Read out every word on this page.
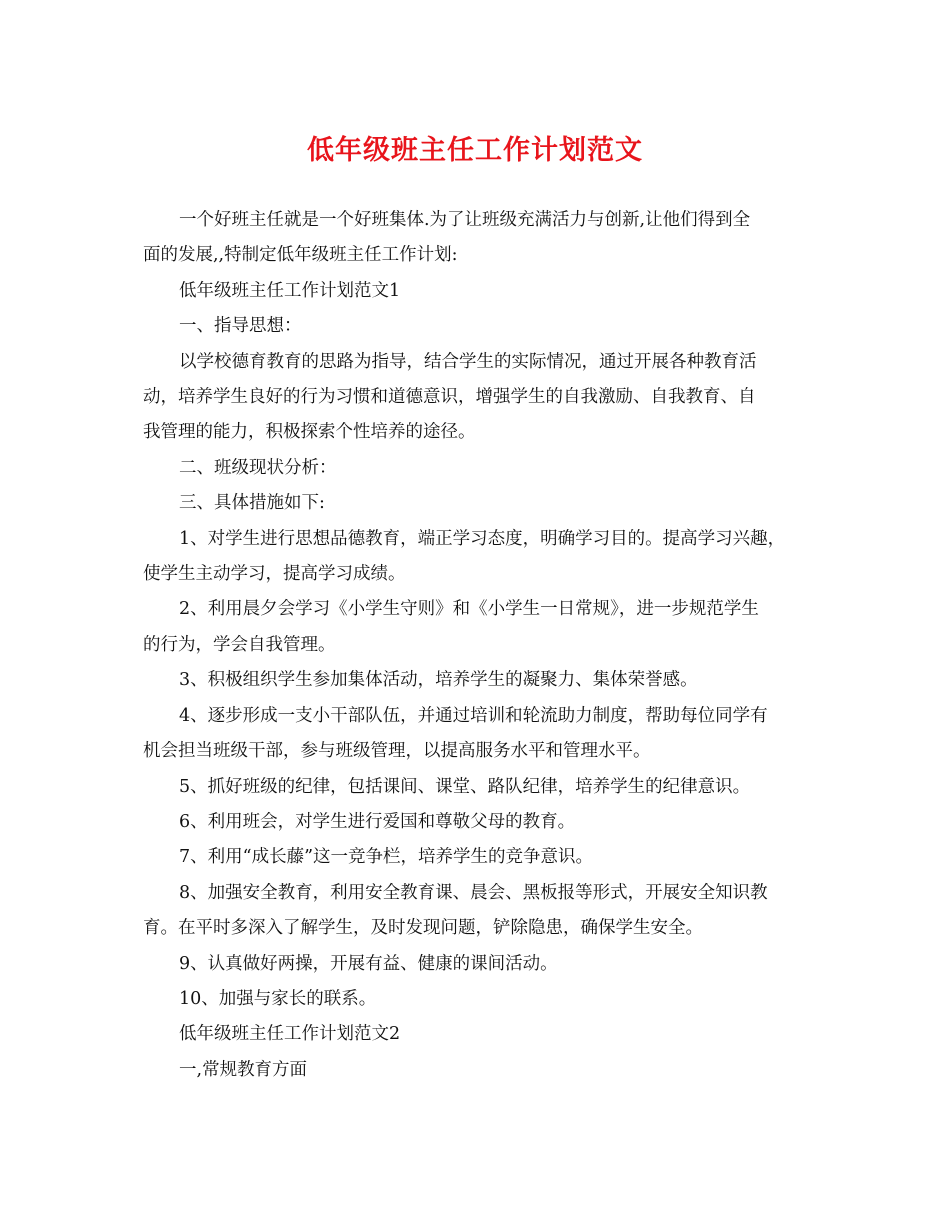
低年级班主任工作计划范文

一个好班主任就是一个好班集体.为了让班级充满活力与创新,让他们得到全
面的发展,,特制定低年级班主任工作计划:

低年级班主任工作计划范文1

一、指导思想：

以学校德育教育的思路为指导，结合学生的实际情况，通过开展各种教育活
动，培养学生良好的行为习惯和道德意识，增强学生的自我激励、自我教育、自
我管理的能力，积极探索个性培养的途径。

二、班级现状分析：

三、具体措施如下:

1、对学生进行思想品德教育，端正学习态度，明确学习目的。提高学习兴趣，
使学生主动学习，提高学习成绩。

2、利用晨夕会学习《小学生守则》和《小学生一日常规》，进一步规范学生
的行为，学会自我管理。

3、积极组织学生参加集体活动，培养学生的凝聚力、集体荣誉感。

4、逐步形成一支小干部队伍，并通过培训和轮流助力制度，帮助每位同学有
机会担当班级干部，参与班级管理，以提高服务水平和管理水平。

5、抓好班级的纪律，包括课间、课堂、路队纪律，培养学生的纪律意识。

6、利用班会，对学生进行爱国和尊敬父母的教育。

7、利用“成长藤”这一竞争栏，培养学生的竞争意识。

8、加强安全教育，利用安全教育课、晨会、黑板报等形式，开展安全知识教
育。在平时多深入了解学生，及时发现问题，铲除隐患，确保学生安全。

9、认真做好两操，开展有益、健康的课间活动。

10、加强与家长的联系。

低年级班主任工作计划范文2

一,常规教育方面
